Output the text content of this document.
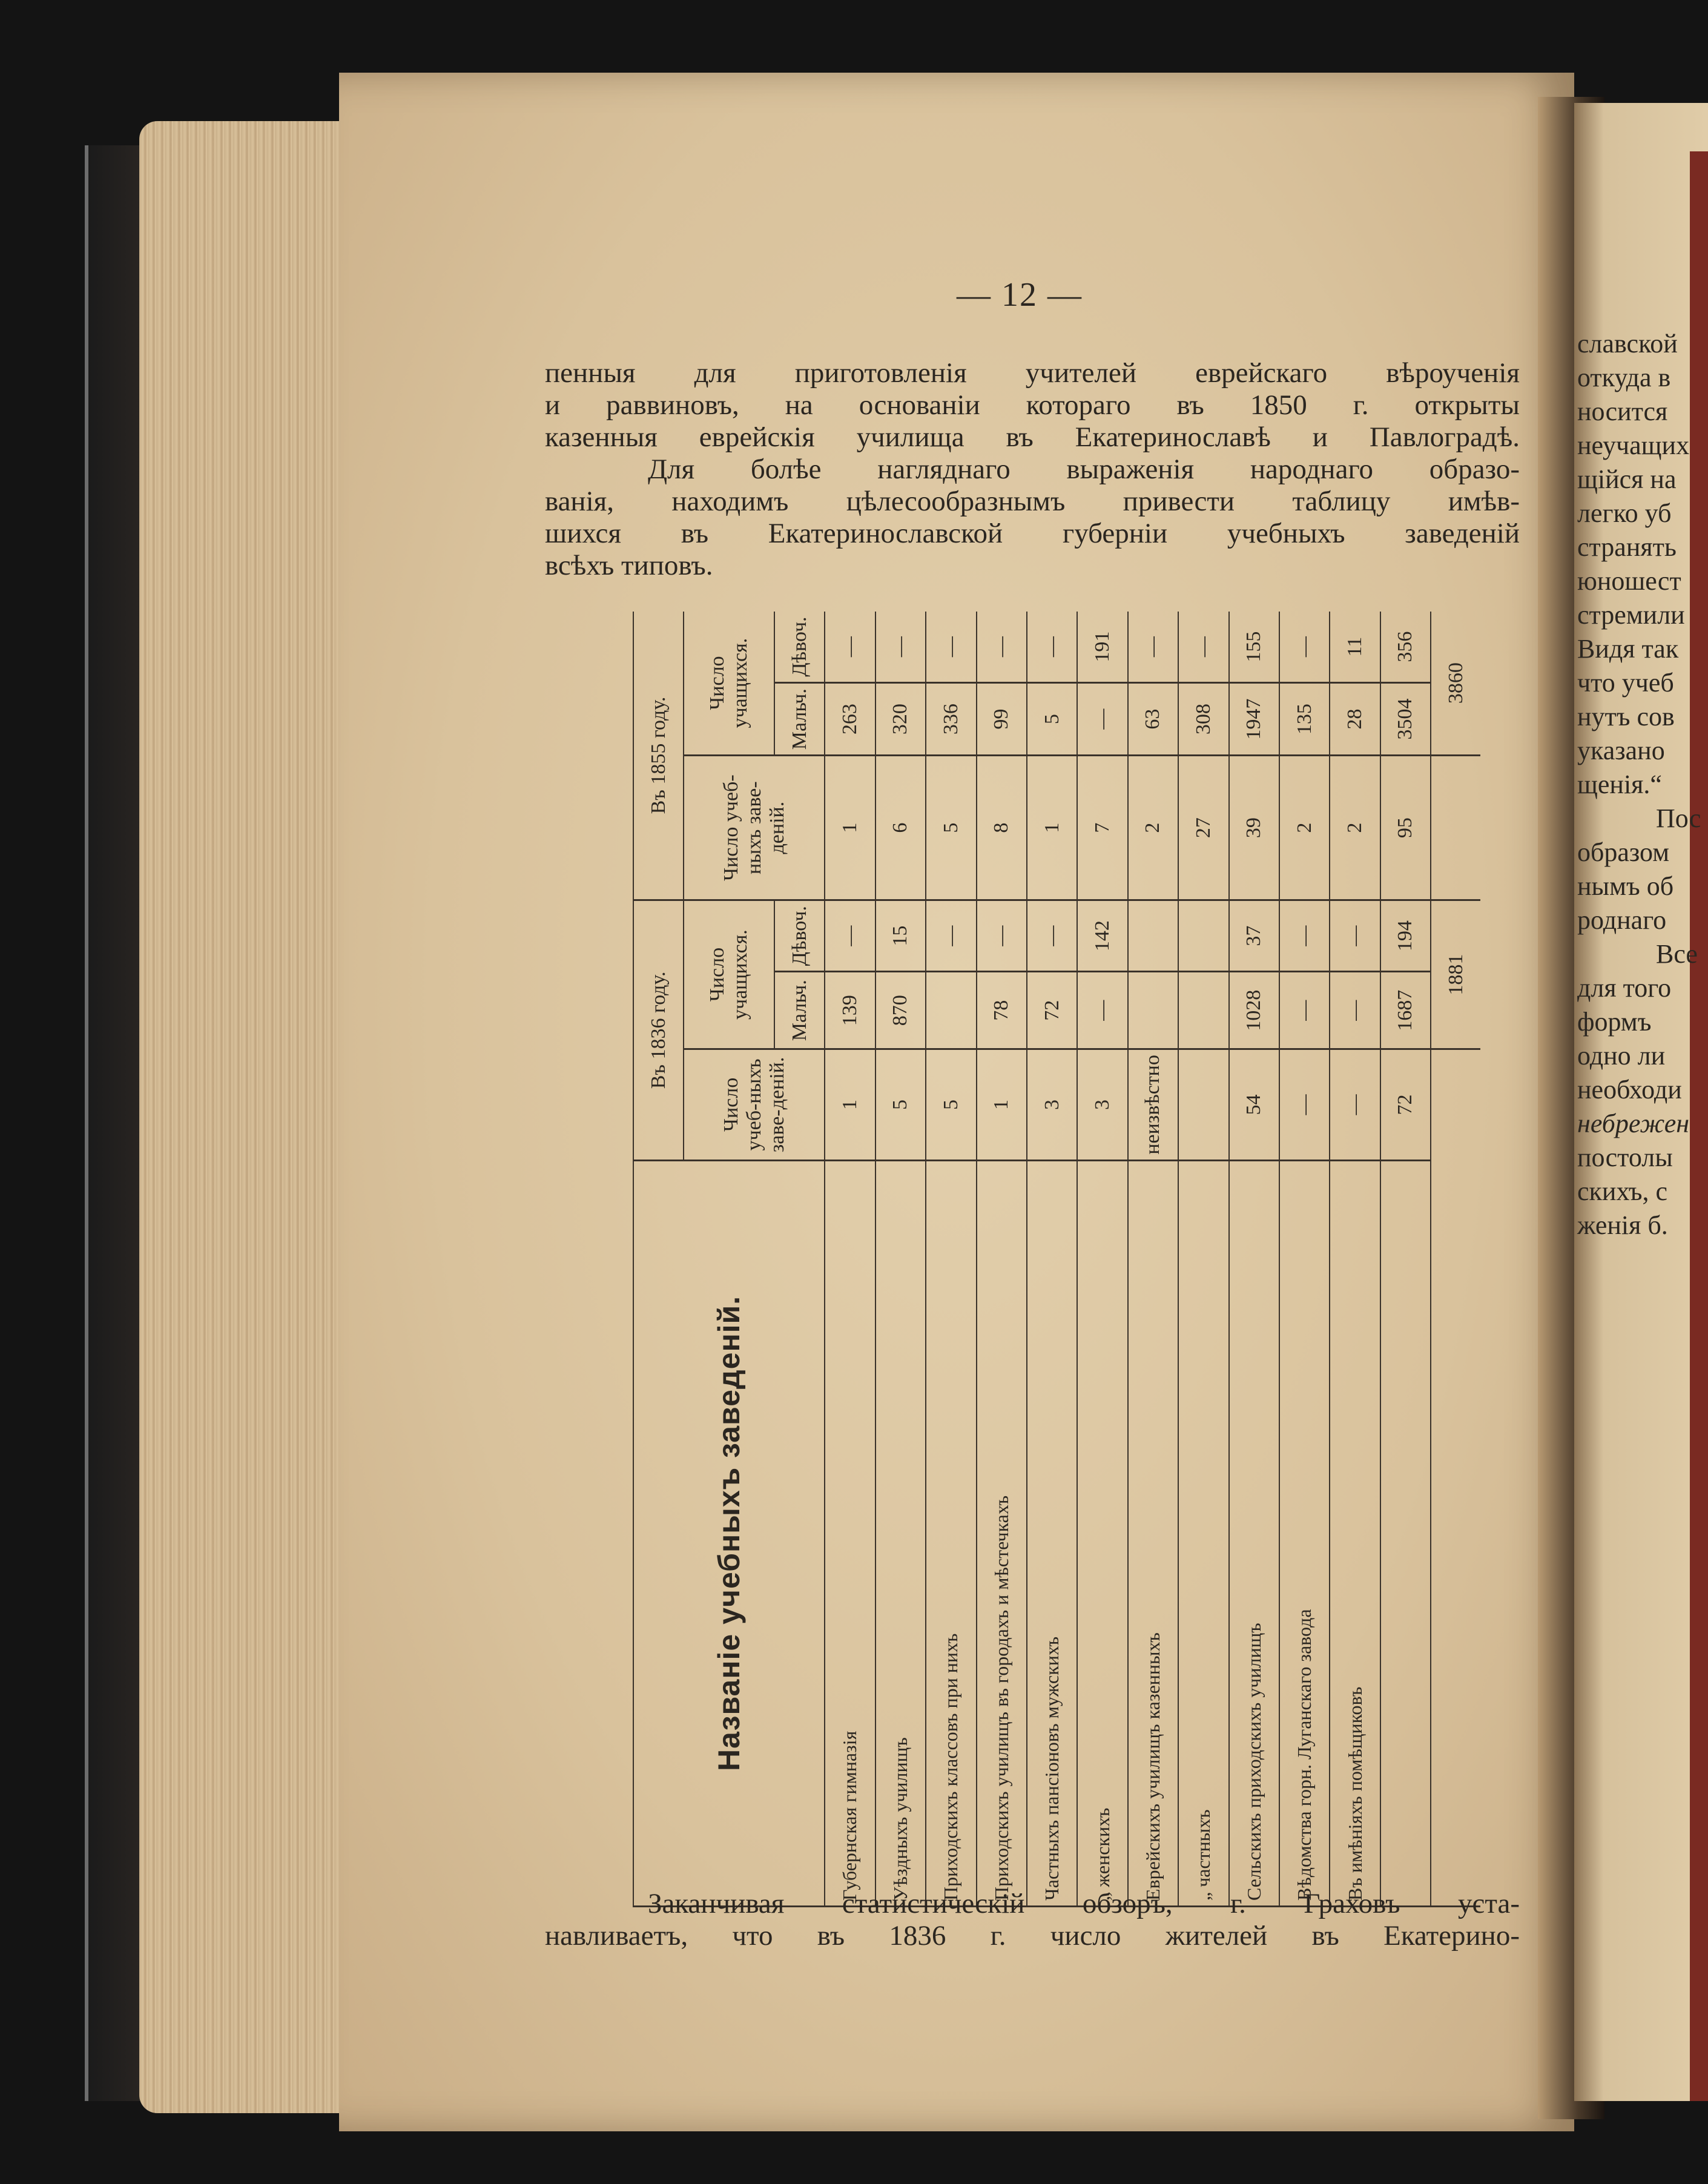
славской
откуда в
носится
неучащих
щійся на
легко уб
странять
юношест
стремили
Видя так
что учеб
нутъ сов
указано
щенія.“
Пос
образом
нымъ об
роднаго
Все
для того
формъ
одно ли
необходи
небрежен
постолы
скихъ, с
женія б.
— 12 —
пенныя для приготовленія учителей еврейскаго вѣроученія
и раввиновъ, на основаніи котораго въ 1850 г. открыты
казенныя еврейскія училища въ Екатеринославѣ и Павлоградѣ.
Для болѣе нагляднаго выраженія народнаго образо-
ванія, находимъ цѣлесообразнымъ привести таблицу имѣв-
шихся въ Екатеринославской губерніи учебныхъ заведеній
всѣхъ типовъ.
Названіе учебныхъ заведеній.	Въ 1836 году.			Въ 1855 году.		
	Число учеб-ныхъ заве-деній.	Число учащихся.		Число учеб-ныхъ заве-деній.	Число учащихся.	
		Мальч.	Дѣвоч.		Мальч.	Дѣвоч.
Губернская гимназія	1	139	—	1	263	—
Уѣздныхъ училищъ	5	870	15	6	320	—
Приходскихъ классовъ при нихъ	5		—	5	336	—
Приходскихъ училищъ въ городахъ и мѣстечкахъ	1	78	—	8	99	—
Частныхъ пансіоновъ мужскихъ	3	72	—	1	5	—
„ женскихъ	3	—	142	7	—	191
Еврейскихъ училищъ казенныхъ	неизвѣстно			2	63	—
„ частныхъ				27	308	—
Сельскихъ приходскихъ училищъ	54	1028	37	39	1947	155
Вѣдомства горн. Луганскаго завода	—	—	—	2	135	—
Въ имѣніяхъ помѣщиковъ	—	—	—	2	28	11
	72	1687	194	95	3504	356
		1881			3860	
Заканчивая статистическій обзоръ, г. Граховъ уста-
навливаетъ, что въ 1836 г. число жителей въ Екатерино-
